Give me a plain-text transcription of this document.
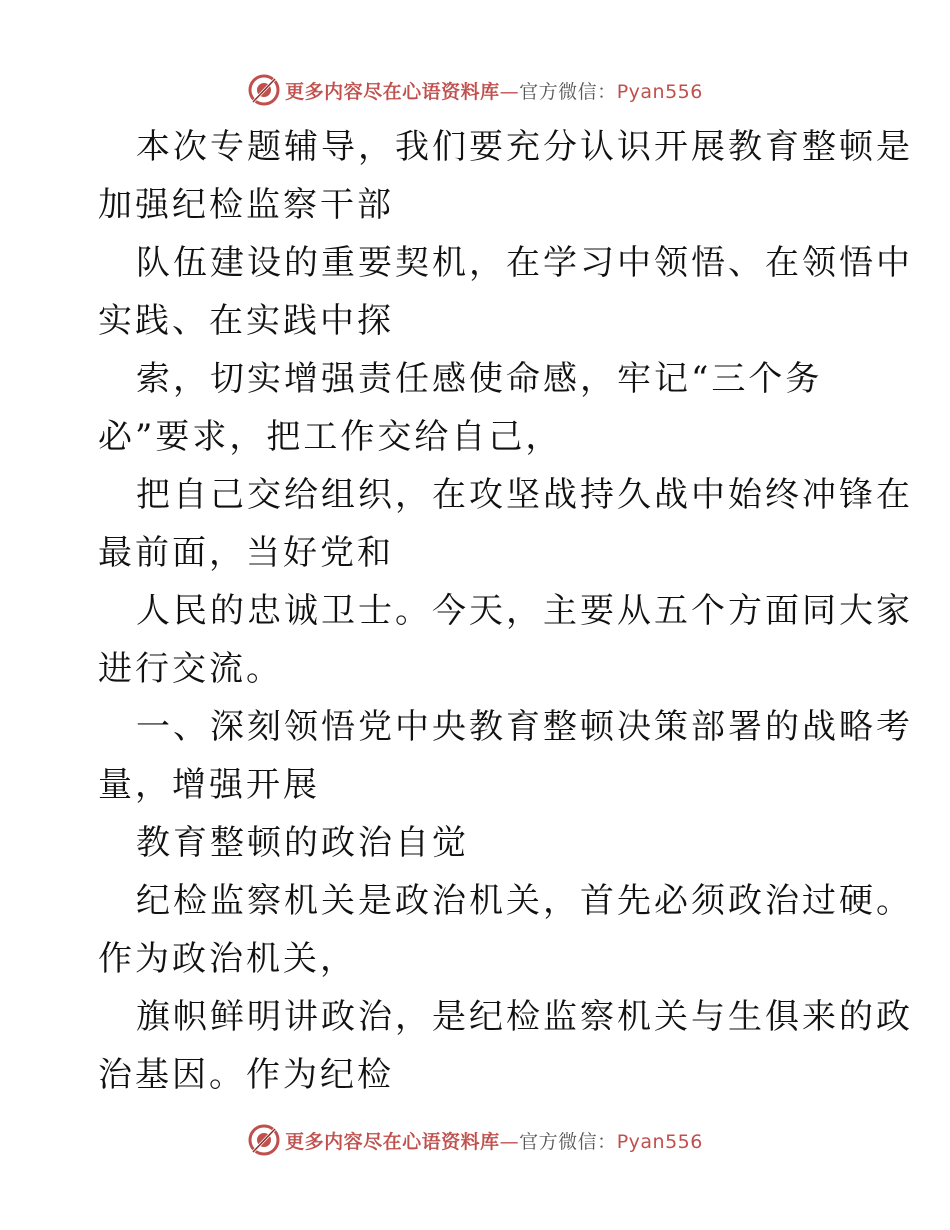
更多内容尽在心语资料库—官方微信：Pyan556
本次专题辅导，我们要充分认识开展教育整顿是
加强纪检监察干部
队伍建设的重要契机，在学习中领悟、在领悟中
实践、在实践中探
索，切实增强责任感使命感，牢记“三个务
必”要求，把工作交给自己，
把自己交给组织，在攻坚战持久战中始终冲锋在
最前面，当好党和
人民的忠诚卫士。今天，主要从五个方面同大家
进行交流。
一、深刻领悟党中央教育整顿决策部署的战略考
量，增强开展
教育整顿的政治自觉
纪检监察机关是政治机关，首先必须政治过硬。
作为政治机关，
旗帜鲜明讲政治，是纪检监察机关与生俱来的政
治基因。作为纪检
更多内容尽在心语资料库—官方微信：Pyan556
